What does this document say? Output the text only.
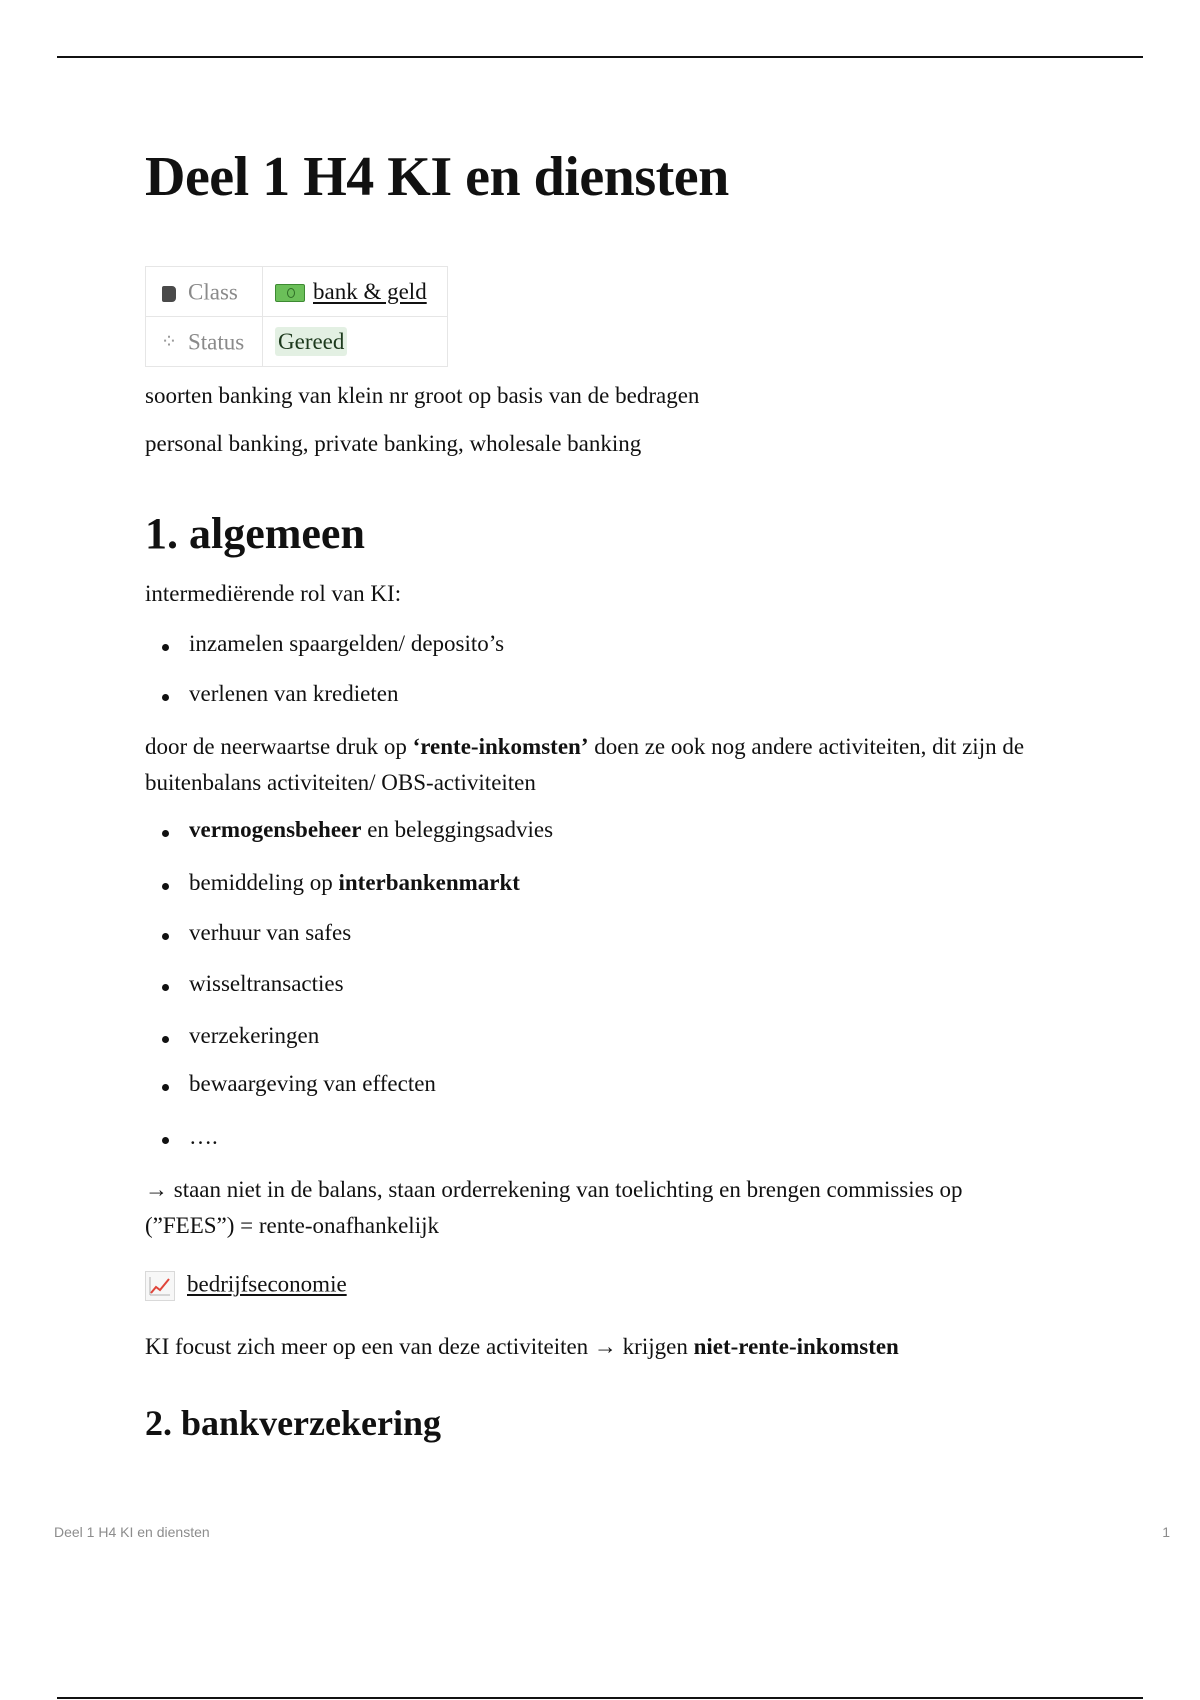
Deel 1 H4 KI en diensten
Class	bank & geld
⁘ Status	Gereed

soorten banking van klein nr groot op basis van de bedragen

personal banking, private banking, wholesale banking

1. algemeen

intermediërende rol van KI:

inzamelen spaargelden/ deposito’s
verlenen van kredieten

door de neerwaartse druk op ‘rente-inkomsten’ doen ze ook nog andere activiteiten, dit zijn de

buitenbalans activiteiten/ OBS-activiteiten

vermogensbeheer en beleggingsadvies
bemiddeling op interbankenmarkt
verhuur van safes
wisseltransacties
verzekeringen
bewaargeving van effecten
….

→ staan niet in de balans, staan orderrekening van toelichting en brengen commissies op

(”FEES”) = rente-onafhankelijk

bedrijfseconomie

KI focust zich meer op een van deze activiteiten → krijgen niet-rente-inkomsten

2. bankverzekering
Deel 1 H4 KI en diensten	1
